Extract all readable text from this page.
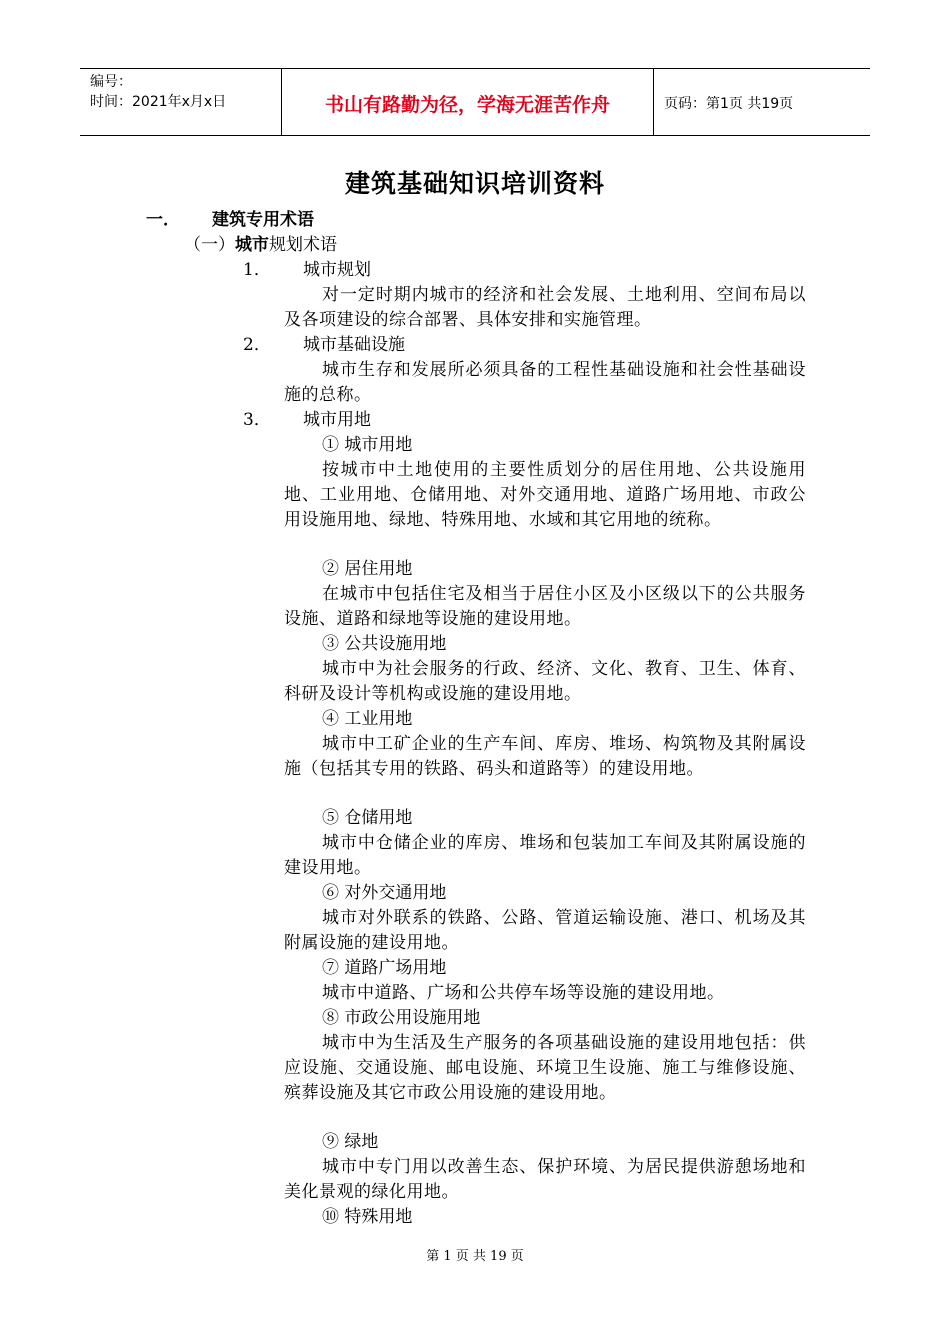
编号：
时间：2021年x月x日	书山有路勤为径，学海无涯苦作舟	页码：第1页 共19页
建筑基础知识培训资料
一． 建筑专用术语
（一）城市规划术语
1． 城市规划
对一定时期内城市的经济和社会发展、土地利用、空间布局以及各项建设的综合部署、具体安排和实施管理。
2． 城市基础设施
城市生存和发展所必须具备的工程性基础设施和社会性基础设施的总称。
3． 城市用地
① 城市用地
按城市中土地使用的主要性质划分的居住用地、公共设施用地、工业用地、仓储用地、对外交通用地、道路广场用地、市政公用设施用地、绿地、特殊用地、水域和其它用地的统称。
② 居住用地
在城市中包括住宅及相当于居住小区及小区级以下的公共服务设施、道路和绿地等设施的建设用地。
③ 公共设施用地
城市中为社会服务的行政、经济、文化、教育、卫生、体育、科研及设计等机构或设施的建设用地。
④ 工业用地
城市中工矿企业的生产车间、库房、堆场、构筑物及其附属设施（包括其专用的铁路、码头和道路等）的建设用地。
⑤ 仓储用地
城市中仓储企业的库房、堆场和包装加工车间及其附属设施的建设用地。
⑥ 对外交通用地
城市对外联系的铁路、公路、管道运输设施、港口、机场及其附属设施的建设用地。
⑦ 道路广场用地
城市中道路、广场和公共停车场等设施的建设用地。
⑧ 市政公用设施用地
城市中为生活及生产服务的各项基础设施的建设用地包括：供应设施、交通设施、邮电设施、环境卫生设施、施工与维修设施、殡葬设施及其它市政公用设施的建设用地。
⑨ 绿地
城市中专门用以改善生态、保护环境、为居民提供游憩场地和美化景观的绿化用地。
⑩ 特殊用地
第 1 页 共 19 页
